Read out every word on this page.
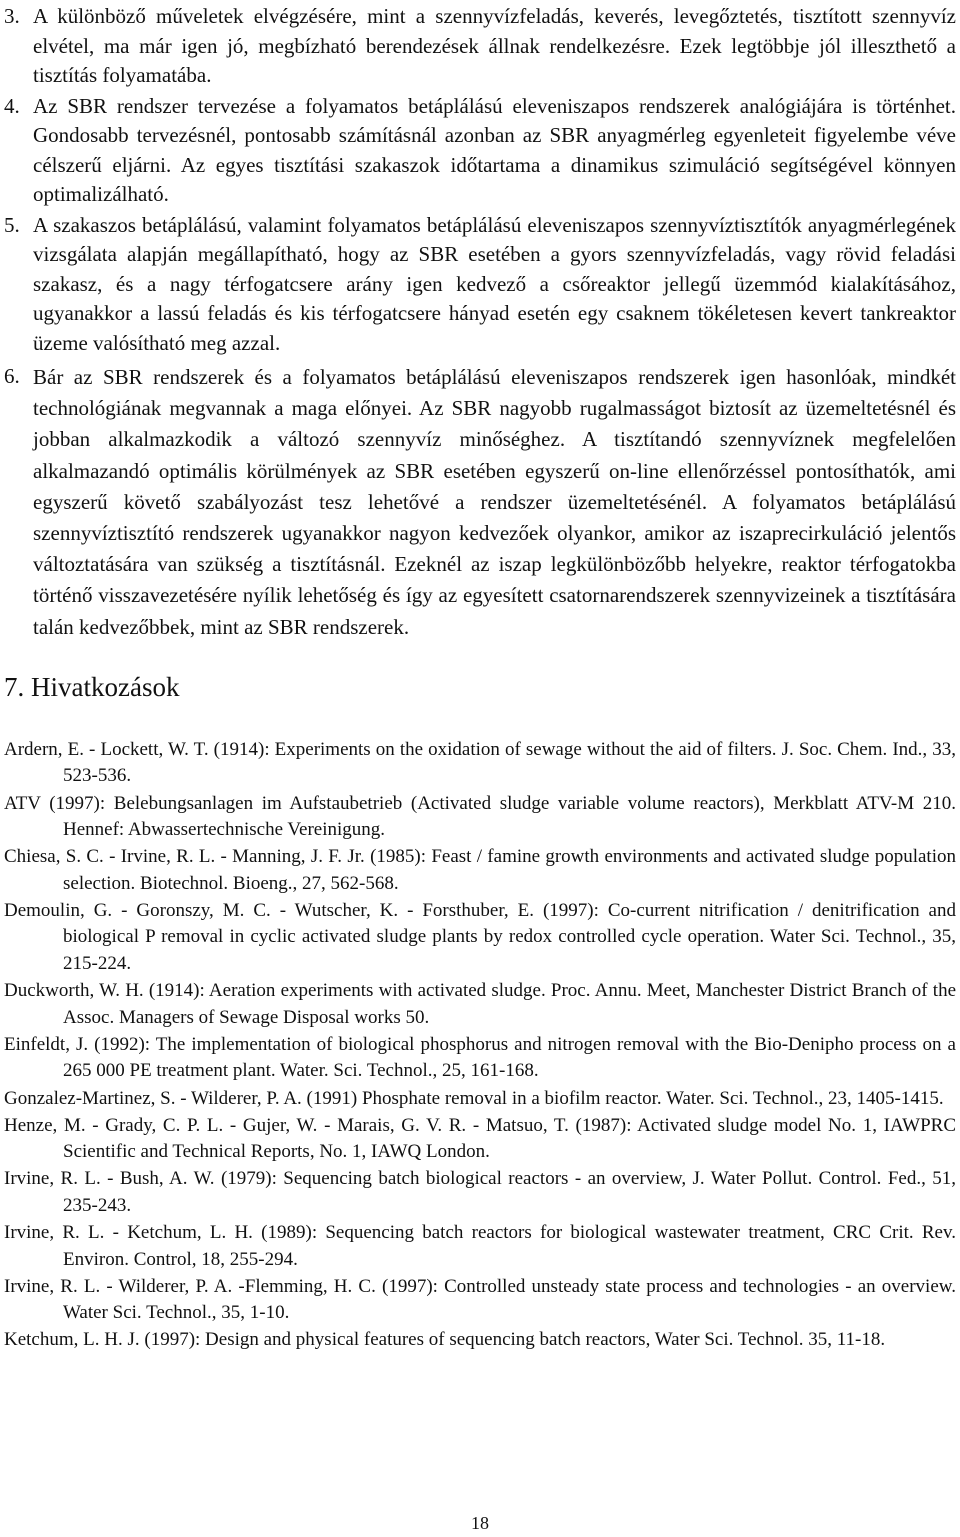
3. A különböző műveletek elvégzésére, mint a szennyvízfeladás, keverés, levegőztetés, tisztított szennyvíz elvétel, ma már igen jó, megbízható berendezések állnak rendelkezésre. Ezek legtöbbje jól illeszthető a tisztítás folyamatába.
4. Az SBR rendszer tervezése a folyamatos betáplálású eleveniszapos rendszerek analógiájára is történhet. Gondosabb tervezésnél, pontosabb számításnál azonban az SBR anyagmérleg egyenleteit figyelembe véve célszerű eljárni. Az egyes tisztítási szakaszok időtartama a dinamikus szimuláció segítségével könnyen optimalizálható.
5. A szakaszos betáplálású, valamint folyamatos betáplálású eleveniszapos szennyvíztisztítók anyagmérlegének vizsgálata alapján megállapítható, hogy az SBR esetében a gyors szennyvízfeladás, vagy rövid feladási szakasz, és a nagy térfogatcsere arány igen kedvező a csőreaktor jellegű üzemmód kialakításához, ugyanakkor a lassú feladás és kis térfogatcsere hányad esetén egy csaknem tökéletesen kevert tankreaktor üzeme valósítható meg azzal.
6. Bár az SBR rendszerek és a folyamatos betáplálású eleveniszapos rendszerek igen hasonlóak, mindkét technológiának megvannak a maga előnyei. Az SBR nagyobb rugalmasságot biztosít az üzemeltetésnél és jobban alkalmazkodik a változó szennyvíz minőséghez. A tisztítandó szennyvíznek megfelelően alkalmazandó optimális körülmények az SBR esetében egyszerű on-line ellenőrzéssel pontosíthatók, ami egyszerű követő szabályozást tesz lehetővé a rendszer üzemeltetésénél. A folyamatos betáplálású szennyvíztisztító rendszerek ugyanakkor nagyon kedvezőek olyankor, amikor az iszaprecirkuláció jelentős változtatására van szükség a tisztításnál. Ezeknél az iszap legkülönbözőbb helyekre, reaktor térfogatokba történő visszavezetésére nyílik lehetőség és így az egyesített csatornarendszerek szennyvizeinek a tisztítására talán kedvezőbbek, mint az SBR rendszerek.
7. Hivatkozások
Ardern, E. - Lockett, W. T. (1914): Experiments on the oxidation of sewage without the aid of filters. J. Soc. Chem. Ind., 33, 523-536.
ATV (1997): Belebungsanlagen im Aufstaubetrieb (Activated sludge variable volume reactors), Merkblatt ATV-M 210. Hennef: Abwassertechnische Vereinigung.
Chiesa, S. C. - Irvine, R. L. - Manning, J. F. Jr. (1985): Feast / famine growth environments and activated sludge population selection. Biotechnol. Bioeng., 27, 562-568.
Demoulin, G. - Goronszy, M. C. - Wutscher, K. - Forsthuber, E. (1997): Co-current nitrification / denitrification and biological P removal in cyclic activated sludge plants by redox controlled cycle operation. Water Sci. Technol., 35, 215-224.
Duckworth, W. H. (1914): Aeration experiments with activated sludge. Proc. Annu. Meet, Manchester District Branch of the Assoc. Managers of Sewage Disposal works 50.
Einfeldt, J. (1992): The implementation of biological phosphorus and nitrogen removal with the Bio-Denipho process on a 265 000 PE treatment plant. Water. Sci. Technol., 25, 161-168.
Gonzalez-Martinez, S. - Wilderer, P. A. (1991) Phosphate removal in a biofilm reactor. Water. Sci. Technol., 23, 1405-1415.
Henze, M. - Grady, C. P. L. - Gujer, W. - Marais, G. V. R. - Matsuo, T. (1987): Activated sludge model No. 1, IAWPRC Scientific and Technical Reports, No. 1, IAWQ London.
Irvine, R. L. - Bush, A. W. (1979): Sequencing batch biological reactors - an overview, J. Water Pollut. Control. Fed., 51, 235-243.
Irvine, R. L. - Ketchum, L. H. (1989): Sequencing batch reactors for biological wastewater treatment, CRC Crit. Rev. Environ. Control, 18, 255-294.
Irvine, R. L. - Wilderer, P. A. -Flemming, H. C. (1997): Controlled unsteady state process and technologies - an overview. Water Sci. Technol., 35, 1-10.
Ketchum, L. H. J. (1997): Design and physical features of sequencing batch reactors, Water Sci. Technol. 35, 11-18.
18
